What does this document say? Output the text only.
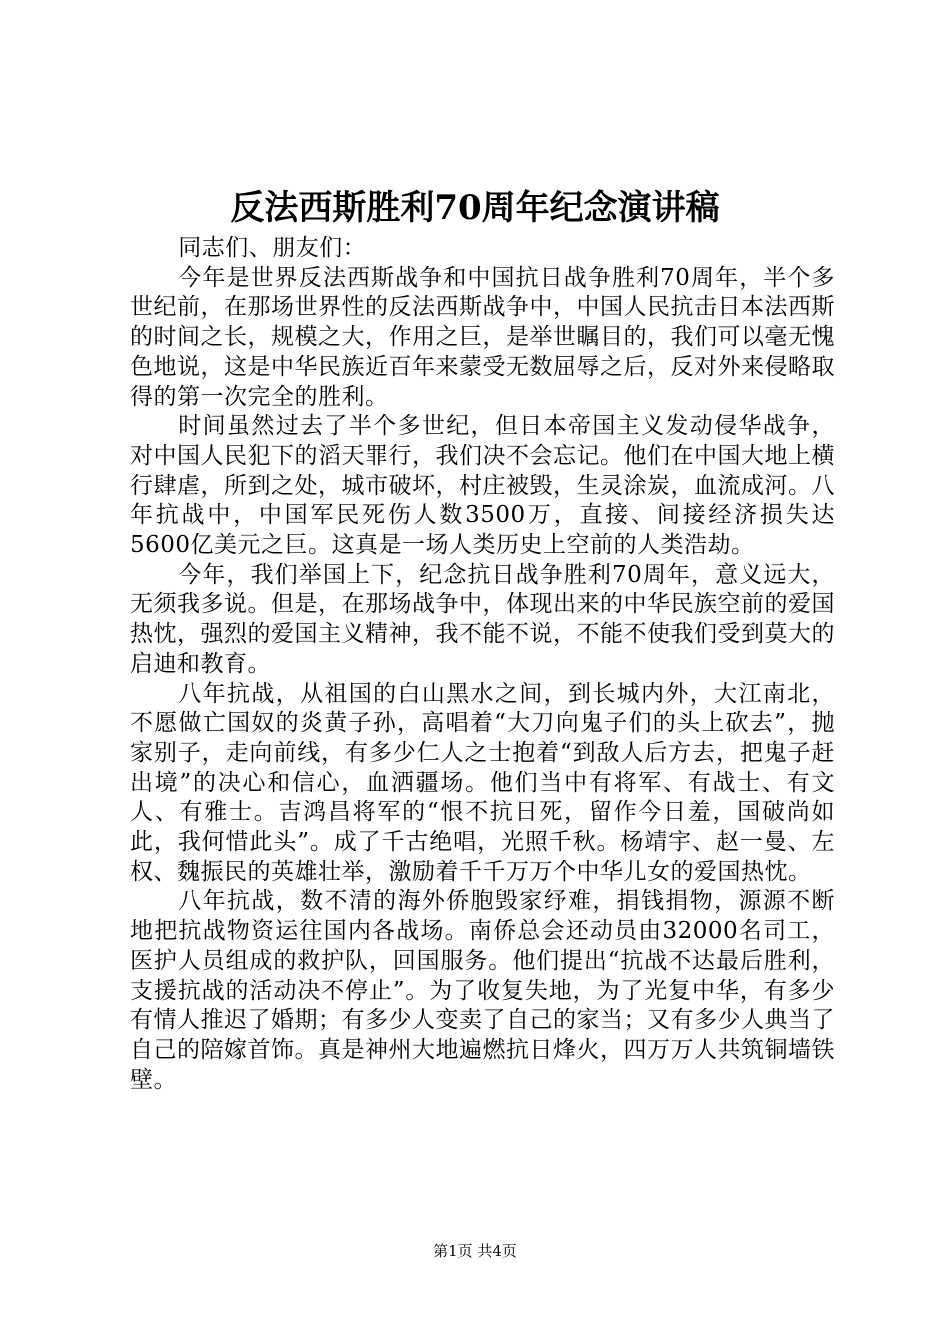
反法西斯胜利70周年纪念演讲稿

同志们、朋友们：

今年是世界反法西斯战争和中国抗日战争胜利70周年，半个多世纪前，在那场世界性的反法西斯战争中，中国人民抗击日本法西斯的时间之长，规模之大，作用之巨，是举世瞩目的，我们可以毫无愧色地说，这是中华民族近百年来蒙受无数屈辱之后，反对外来侵略取得的第一次完全的胜利。

时间虽然过去了半个多世纪，但日本帝国主义发动侵华战争，对中国人民犯下的滔天罪行，我们决不会忘记。他们在中国大地上横行肆虐，所到之处，城市破坏，村庄被毁，生灵涂炭，血流成河。八年抗战中，中国军民死伤人数3500万，直接、间接经济损失达5600亿美元之巨。这真是一场人类历史上空前的人类浩劫。

今年，我们举国上下，纪念抗日战争胜利70周年，意义远大，无须我多说。但是，在那场战争中，体现出来的中华民族空前的爱国热忱，强烈的爱国主义精神，我不能不说，不能不使我们受到莫大的启迪和教育。

八年抗战，从祖国的白山黑水之间，到长城内外，大江南北，不愿做亡国奴的炎黄子孙，高唱着“大刀向鬼子们的头上砍去”，抛家别子，走向前线，有多少仁人之士抱着“到敌人后方去，把鬼子赶出境”的决心和信心，血洒疆场。他们当中有将军、有战士、有文人、有雅士。吉鸿昌将军的“恨不抗日死，留作今日羞，国破尚如此，我何惜此头”。成了千古绝唱，光照千秋。杨靖宇、赵一曼、左权、魏振民的英雄壮举，激励着千千万万个中华儿女的爱国热忱。

八年抗战，数不清的海外侨胞毁家纾难，捐钱捐物，源源不断地把抗战物资运往国内各战场。南侨总会还动员由32000名司工，医护人员组成的救护队，回国服务。他们提出“抗战不达最后胜利，支援抗战的活动决不停止”。为了收复失地，为了光复中华，有多少有情人推迟了婚期；有多少人变卖了自己的家当；又有多少人典当了自己的陪嫁首饰。真是神州大地遍燃抗日烽火，四万万人共筑铜墙铁壁。

第1页 共4页
